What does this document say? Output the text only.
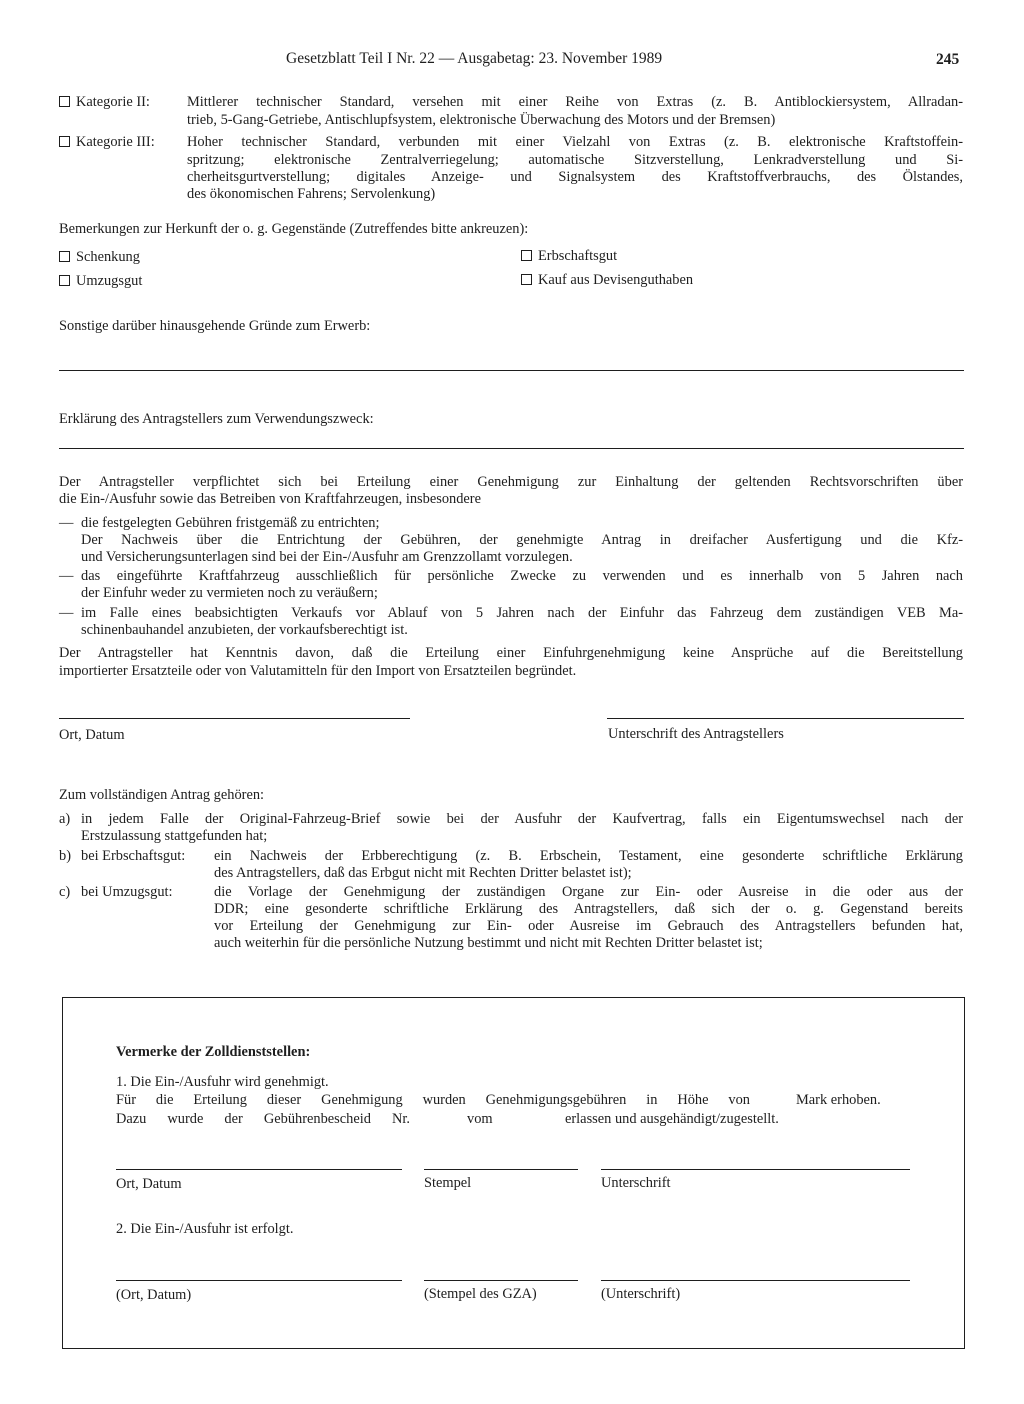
Gesetzblatt Teil I Nr. 22 — Ausgabetag: 23. November 1989	245
Kategorie II:	Mittlerer technischer Standard, versehen mit einer Reihe von Extras (z. B. Antiblockiersystem, Allradan-
trieb, 5-Gang-Getriebe, Antischlupfsystem, elektronische Überwachung des Motors und der Bremsen)
Kategorie III: Hoher technischer Standard, verbunden mit einer Vielzahl von Extras (z. B. elektronische Kraftstoffein-
spritzung; elektronische Zentralverriegelung; automatische Sitzverstellung, Lenkradverstellung und Si-
cherheitsgurtverstellung; digitales Anzeige- und Signalsystem des Kraftstoffverbrauchs, des Ölstandes,
des ökonomischen Fahrens; Servolenkung)
Bemerkungen zur Herkunft der o. g. Gegenstände (Zutreffendes bitte ankreuzen):
Schenkung	Erbschaftsgut
Umzugsgut	Kauf aus Devisenguthaben
Sonstige darüber hinausgehende Gründe zum Erwerb:
Erklärung des Antragstellers zum Verwendungszweck:
Der Antragsteller verpflichtet sich bei Erteilung einer Genehmigung zur Einhaltung der geltenden Rechtsvorschriften über
die Ein-/Ausfuhr sowie das Betreiben von Kraftfahrzeugen, insbesondere
— die festgelegten Gebühren fristgemäß zu entrichten;
Der Nachweis über die Entrichtung der Gebühren, der genehmigte Antrag in dreifacher Ausfertigung und die Kfz-
und Versicherungsunterlagen sind bei der Ein-/Ausfuhr am Grenzzollamt vorzulegen.
— das eingeführte Kraftfahrzeug ausschließlich für persönliche Zwecke zu verwenden und es innerhalb von 5 Jahren nach
der Einfuhr weder zu vermieten noch zu veräußern;
— im Falle eines beabsichtigten Verkaufs vor Ablauf von 5 Jahren nach der Einfuhr das Fahrzeug dem zuständigen VEB Ma-
schinenbauhandel anzubieten, der vorkaufsberechtigt ist.
Der Antragsteller hat Kenntnis davon, daß die Erteilung einer Einfuhrgenehmigung keine Ansprüche auf die Bereitstellung
importierter Ersatzteile oder von Valutamitteln für den Import von Ersatzteilen begründet.
Ort, Datum	Unterschrift des Antragstellers
Zum vollständigen Antrag gehören:
a) in jedem Falle der Original-Fahrzeug-Brief sowie bei der Ausfuhr der Kaufvertrag, falls ein Eigentumswechsel nach der
Erstzulassung stattgefunden hat;
b) bei Erbschaftsgut: ein Nachweis der Erbberechtigung (z. B. Erbschein, Testament, eine gesonderte schriftliche Erklärung
des Antragstellers, daß das Erbgut nicht mit Rechten Dritter belastet ist);
c) bei Umzugsgut:	die Vorlage der Genehmigung der zuständigen Organe zur Ein- oder Ausreise in die oder aus der
DDR; eine gesonderte schriftliche Erklärung des Antragstellers, daß sich der o. g. Gegenstand bereits
vor Erteilung der Genehmigung zur Ein- oder Ausreise im Gebrauch des Antragstellers befunden hat,
auch weiterhin für die persönliche Nutzung bestimmt und nicht mit Rechten Dritter belastet ist;
Vermerke der Zolldienststellen:
1. Die Ein-/Ausfuhr wird genehmigt.
Für die Erteilung dieser Genehmigung wurden Genehmigungsgebühren in Höhe von	Mark erhoben.
Dazu wurde der Gebührenbescheid Nr.	vom	erlassen und ausgehändigt/zugestellt.
Ort, Datum	Stempel	Unterschrift
2. Die Ein-/Ausfuhr ist erfolgt.
(Ort, Datum)	(Stempel des GZA)	(Unterschrift)
